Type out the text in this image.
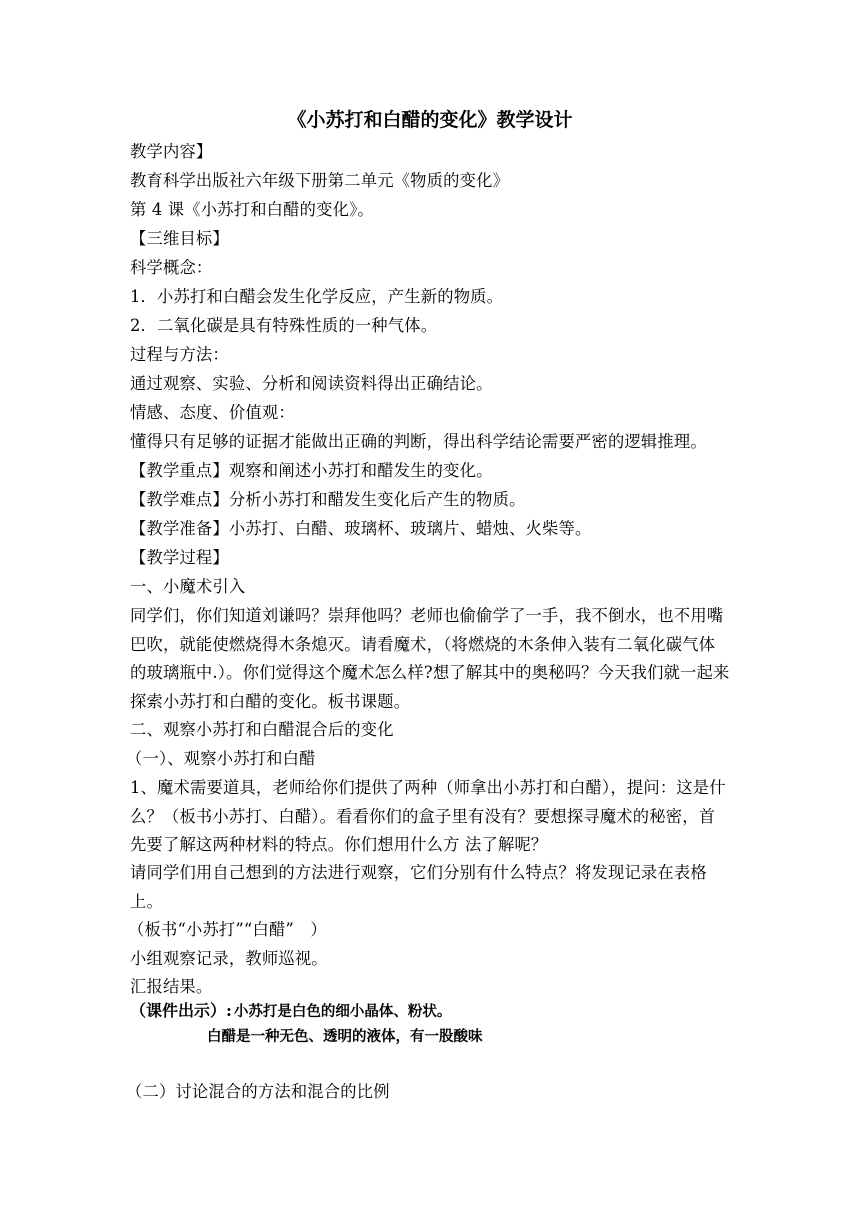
《小苏打和白醋的变化》教学设计
教学内容】
教育科学出版社六年级下册第二单元《物质的变化》
第 4 课《小苏打和白醋的变化》。
【三维目标】
科学概念：
1．小苏打和白醋会发生化学反应，产生新的物质。
2．二氧化碳是具有特殊性质的一种气体。
过程与方法：
通过观察、实验、分析和阅读资料得出正确结论。
情感、态度、价值观：
懂得只有足够的证据才能做出正确的判断，得出科学结论需要严密的逻辑推理。
【教学重点】观察和阐述小苏打和醋发生的变化。
【教学难点】分析小苏打和醋发生变化后产生的物质。
【教学准备】小苏打、白醋、玻璃杯、玻璃片、蜡烛、火柴等。
【教学过程】
一、小魔术引入
同学们，你们知道刘谦吗？崇拜他吗？老师也偷偷学了一手，我不倒水，也不用嘴巴吹，就能使燃烧得木条熄灭。请看魔术，（将燃烧的木条伸入装有二氧化碳气体的玻璃瓶中.）。你们觉得这个魔术怎么样?想了解其中的奥秘吗？今天我们就一起来探索小苏打和白醋的变化。板书课题。
二、观察小苏打和白醋混合后的变化
（一）、观察小苏打和白醋
1、魔术需要道具，老师给你们提供了两种（师拿出小苏打和白醋），提问：这是什么？（板书小苏打、白醋）。看看你们的盒子里有没有？要想探寻魔术的秘密，首先要了解这两种材料的特点。你们想用什么方 法了解呢？
请同学们用自己想到的方法进行观察，它们分别有什么特点？将发现记录在表格上。
（板书“小苏打”“白醋”　）
小组观察记录，教师巡视。
汇报结果。
（课件出示）: 小苏打是白色的细小晶体、粉状。
白醋是一种无色、透明的液体，有一股酸味
（二）讨论混合的方法和混合的比例
